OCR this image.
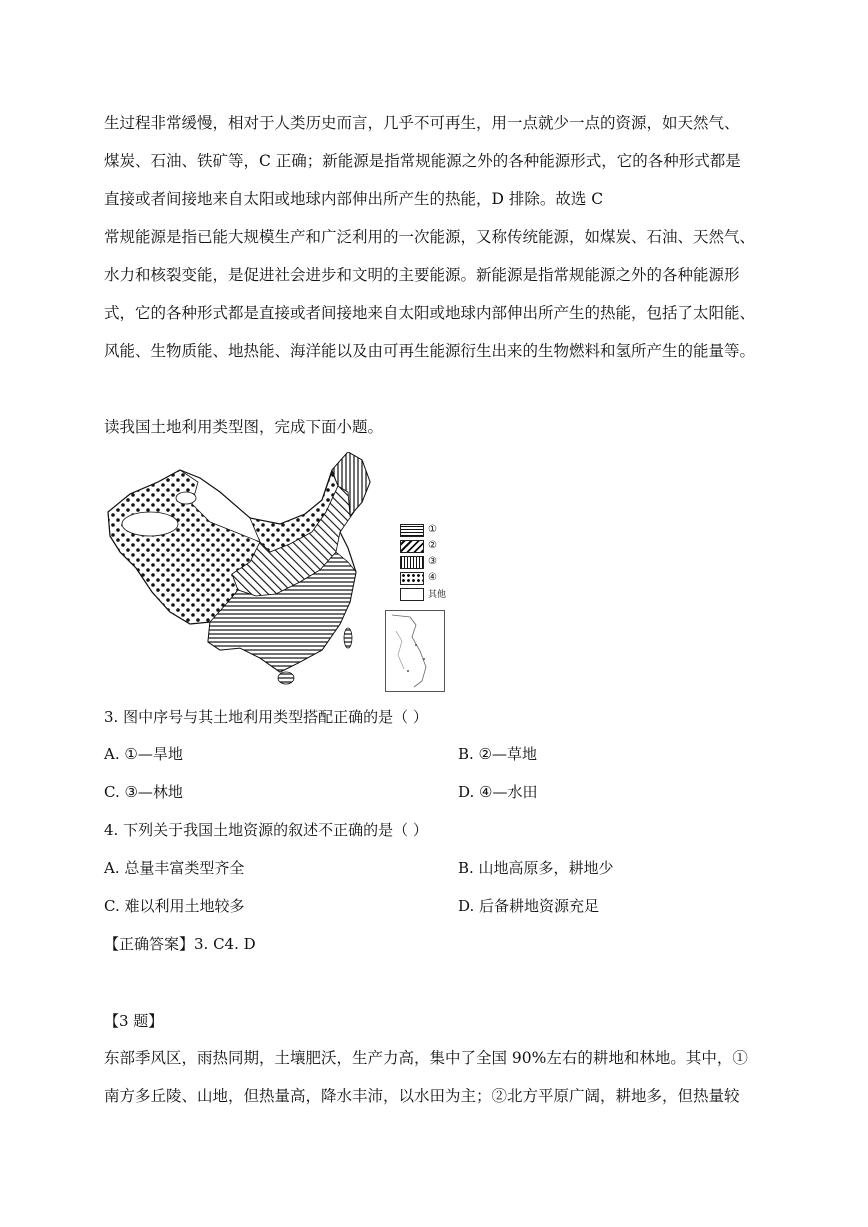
生过程非常缓慢，相对于人类历史而言，几乎不可再生，用一点就少一点的资源，如天然气、
煤炭、石油、铁矿等，C 正确；新能源是指常规能源之外的各种能源形式，它的各种形式都是
直接或者间接地来自太阳或地球内部伸出所产生的热能，D 排除。故选 C
常规能源是指已能大规模生产和广泛利用的一次能源，又称传统能源，如煤炭、石油、天然气、
水力和核裂变能，是促进社会进步和文明的主要能源。新能源是指常规能源之外的各种能源形
式，它的各种形式都是直接或者间接地来自太阳或地球内部伸出所产生的热能，包括了太阳能、
风能、生物质能、地热能、海洋能以及由可再生能源衍生出来的生物燃料和氢所产生的能量等。
读我国土地利用类型图，完成下面小题。
①
②
③
④
其他
3. 图中序号与其土地利用类型搭配正确的是（ ）
A. ①—旱地	B. ②—草地
C. ③—林地	D. ④—水田
4. 下列关于我国土地资源的叙述不正确的是（ ）
A. 总量丰富类型齐全	B. 山地高原多，耕地少
C. 难以利用土地较多	D. 后备耕地资源充足
【正确答案】3. C4. D
【3 题】
东部季风区，雨热同期，土壤肥沃，生产力高，集中了全国 90%左右的耕地和林地。其中，①
南方多丘陵、山地，但热量高，降水丰沛，以水田为主；②北方平原广阔，耕地多，但热量较
